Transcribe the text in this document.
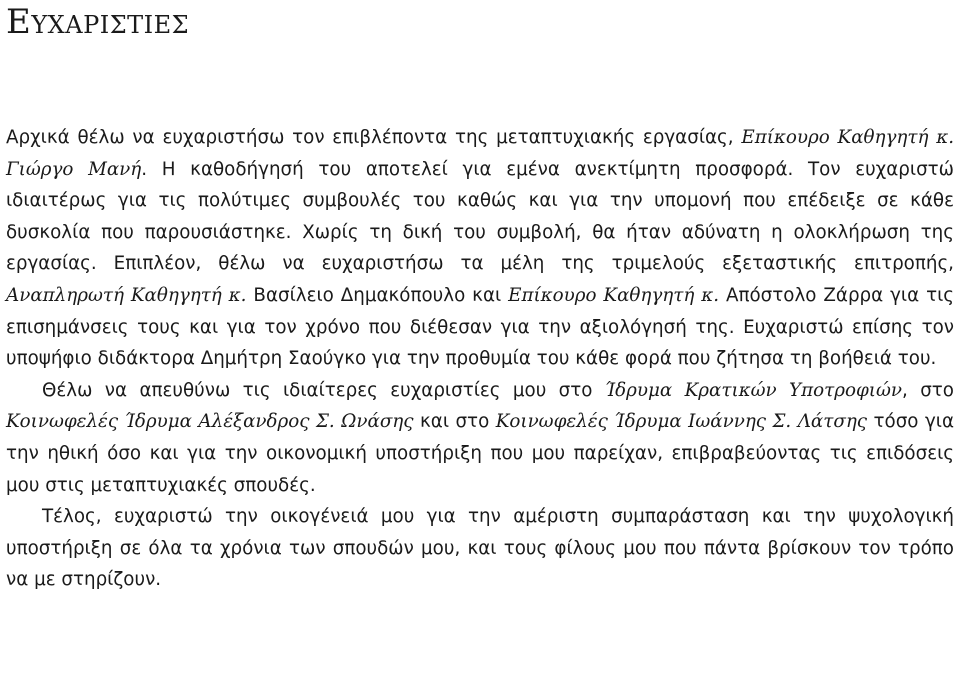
Ευχαριστιες

Αρχικά θέλω να ευχαριστήσω τον επιβλέποντα της μεταπτυχιακής εργασίας, Επίκουρο Καθηγητή κ. Γιώργο Μανή. Η καθοδήγησή του αποτελεί για εμένα ανεκτίμητη προσφορά. Τον ευχαριστώ ιδιαιτέρως για τις πολύτιμες συμβουλές του καθώς και για την υπομονή που επέδειξε σε κάθε δυσκολία που παρουσιάστηκε. Χωρίς τη δική του συμβολή, θα ήταν αδύνατη η ολοκλήρωση της εργασίας. Επιπλέον, θέλω να ευχαριστήσω τα μέλη της τριμελούς εξεταστικής επιτροπής, Αναπληρωτή Καθηγητή κ. Βασίλειο Δημακόπουλο και Επίκουρο Καθηγητή κ. Απόστολο Ζάρρα για τις επισημάνσεις τους και για τον χρόνο που διέθεσαν για την αξιολόγησή της. Ευχαριστώ επίσης τον υποψήφιο διδάκτορα Δημήτρη Σαούγκο για την προθυμία του κάθε φορά που ζήτησα τη βοήθειά του.

Θέλω να απευθύνω τις ιδιαίτερες ευχαριστίες μου στο Ίδρυμα Κρατικών Υποτροφιών, στο Κοινωφελές Ίδρυμα Αλέξανδρος Σ. Ωνάσης και στο Κοινωφελές Ίδρυμα Ιωάννης Σ. Λάτσης τόσο για την ηθική όσο και για την οικονομική υποστήριξη που μου παρείχαν, επιβραβεύοντας τις επιδόσεις μου στις μεταπτυχιακές σπουδές.

Τέλος, ευχαριστώ την οικογένειά μου για την αμέριστη συμπαράσταση και την ψυχολογική υποστήριξη σε όλα τα χρόνια των σπουδών μου, και τους φίλους μου που πάντα βρίσκουν τον τρόπο να με στηρίζουν.
